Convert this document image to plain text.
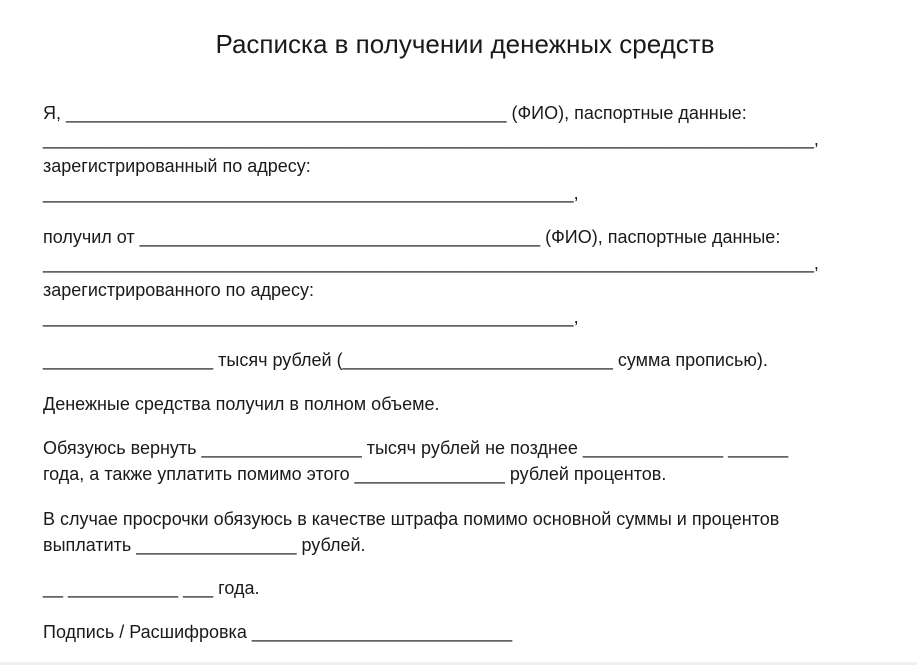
Расписка в получении денежных средств
Я, ____________________________________________ (ФИО), паспортные данные:
_____________________________________________________________________________,
зарегистрированный по адресу:
_____________________________________________________,
получил от ________________________________________ (ФИО), паспортные данные:
_____________________________________________________________________________,
зарегистрированного по адресу:
_____________________________________________________,
_________________ тысяч рублей (___________________________ сумма прописью).
Денежные средства получил в полном объеме.
Обязуюсь вернуть ________________ тысяч рублей не позднее ______________ ______
года, а также уплатить помимо этого _______________ рублей процентов.
В случае просрочки обязуюсь в качестве штрафа помимо основной суммы и процентов
выплатить ________________ рублей.
__ ___________ ___ года.
Подпись / Расшифровка __________________________
